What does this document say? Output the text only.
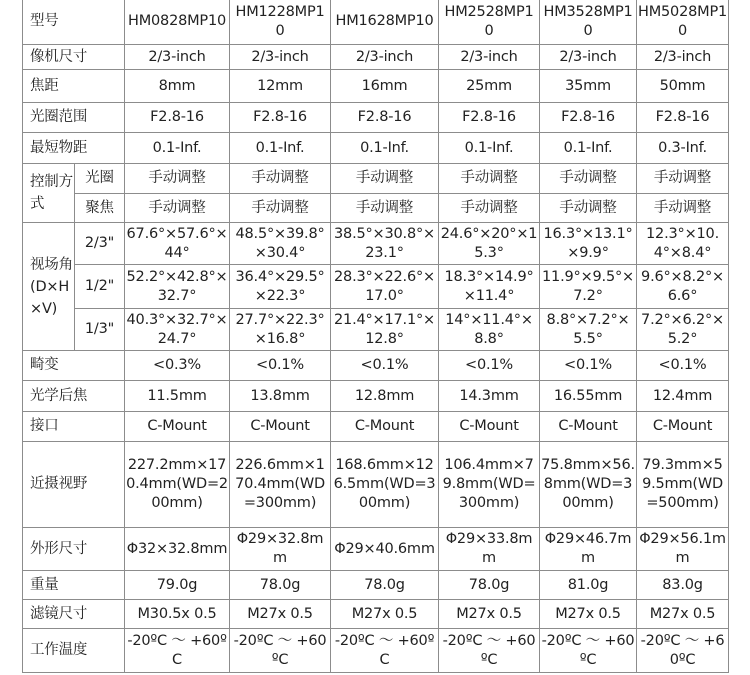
型号		HM0828MP10	HM1228MP10	HM1628MP10	HM2528MP10	HM3528MP10	HM5028MP10
像机尺寸		2/3-inch	2/3-inch	2/3-inch	2/3-inch	2/3-inch	2/3-inch
焦距		8mm	12mm	16mm	25mm	35mm	50mm
光圈范围		F2.8-16	F2.8-16	F2.8-16	F2.8-16	F2.8-16	F2.8-16
最短物距		0.1-Inf.	0.1-Inf.	0.1-Inf.	0.1-Inf.	0.1-Inf.	0.3-Inf.
控制方式	光圈	手动调整	手动调整	手动调整	手动调整	手动调整	手动调整
	聚焦	手动调整	手动调整	手动调整	手动调整	手动调整	手动调整
视场角(D×H×V)	2/3"	67.6°×57.6°×44°	48.5°×39.8°×30.4°	38.5°×30.8°×23.1°	24.6°×20°×15.3°	16.3°×13.1°×9.9°	12.3°×10.4°×8.4°
	1/2"	52.2°×42.8°×32.7°	36.4°×29.5°×22.3°	28.3°×22.6°×17.0°	18.3°×14.9°×11.4°	11.9°×9.5°×7.2°	9.6°×8.2°×6.6°
	1/3"	40.3°×32.7°×24.7°	27.7°×22.3°×16.8°	21.4°×17.1°×12.8°	14°×11.4°×8.8°	8.8°×7.2°×5.5°	7.2°×6.2°×5.2°
畸变		<0.3%	<0.1%	<0.1%	<0.1%	<0.1%	<0.1%
光学后焦		11.5mm	13.8mm	12.8mm	14.3mm	16.55mm	12.4mm
接口		C-Mount	C-Mount	C-Mount	C-Mount	C-Mount	C-Mount
近摄视野		227.2mm×170.4mm(WD=200mm)	226.6mm×170.4mm(WD=300mm)	168.6mm×126.5mm(WD=300mm)	106.4mm×79.8mm(WD=300mm)	75.8mm×56.8mm(WD=300mm)	79.3mm×59.5mm(WD=500mm)
外形尺寸		Φ32×32.8mm	Φ29×32.8mm	Φ29×40.6mm	Φ29×33.8mm	Φ29×46.7mm	Φ29×56.1mm
重量		79.0g	78.0g	78.0g	78.0g	81.0g	83.0g
滤镜尺寸		M30.5x 0.5	M27x 0.5	M27x 0.5	M27x 0.5	M27x 0.5	M27x 0.5
工作温度		-20ºC ～ +60ºC	-20ºC ～ +60ºC	-20ºC ～ +60ºC	-20ºC ～ +60ºC	-20ºC ～ +60ºC	-20ºC ～ +60ºC
